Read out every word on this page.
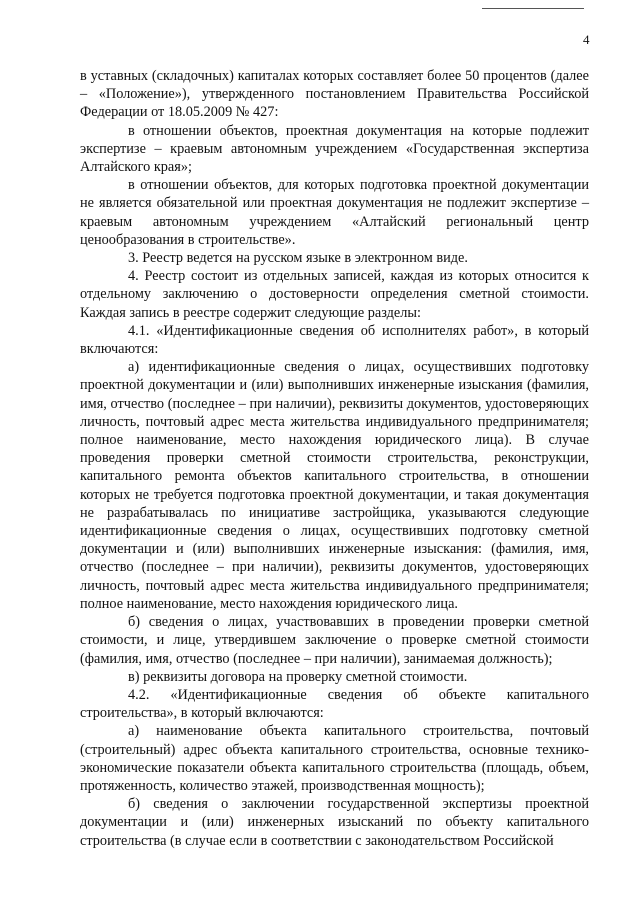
4

в уставных (складочных) капиталах которых составляет более 50 процентов (далее – «Положение»), утвержденного постановлением Правительства Российской Федерации от 18.05.2009 № 427:

в отношении объектов, проектная документация на которые подлежит экспертизе – краевым автономным учреждением «Государственная экспертиза Алтайского края»;

в отношении объектов, для которых подготовка проектной документации не является обязательной или проектная документация не подлежит экспертизе – краевым автономным учреждением «Алтайский региональный центр ценообразования в строительстве».

3. Реестр ведется на русском языке в электронном виде.

4. Реестр состоит из отдельных записей, каждая из которых относится к отдельному заключению о достоверности определения сметной стоимости. Каждая запись в реестре содержит следующие разделы:

4.1. «Идентификационные сведения об исполнителях работ», в который включаются:

а) идентификационные сведения о лицах, осуществивших подготовку проектной документации и (или) выполнивших инженерные изыскания (фамилия, имя, отчество (последнее – при наличии), реквизиты документов, удостоверяющих личность, почтовый адрес места жительства индивидуального предпринимателя; полное наименование, место нахождения юридического лица). В случае проведения проверки сметной стоимости строительства, реконструкции, капитального ремонта объектов капитального строительства, в отношении которых не требуется подготовка проектной документации, и такая документация не разрабатывалась по инициативе застройщика, указываются следующие идентификационные сведения о лицах, осуществивших подготовку сметной документации и (или) выполнивших инженерные изыскания: (фамилия, имя, отчество (последнее – при наличии), реквизиты документов, удостоверяющих личность, почтовый адрес места жительства индивидуального предпринимателя; полное наименование, место нахождения юридического лица.

б) сведения о лицах, участвовавших в проведении проверки сметной стоимости, и лице, утвердившем заключение о проверке сметной стоимости (фамилия, имя, отчество (последнее – при наличии), занимаемая должность);

в) реквизиты договора на проверку сметной стоимости.

4.2. «Идентификационные сведения об объекте капитального строительства», в который включаются:

а) наименование объекта капитального строительства, почтовый (строительный) адрес объекта капитального строительства, основные технико-экономические показатели объекта капитального строительства (площадь, объем, протяженность, количество этажей, производственная мощность);

б) сведения о заключении государственной экспертизы проектной документации и (или) инженерных изысканий по объекту капитального строительства (в случае если в соответствии с законодательством Российской
